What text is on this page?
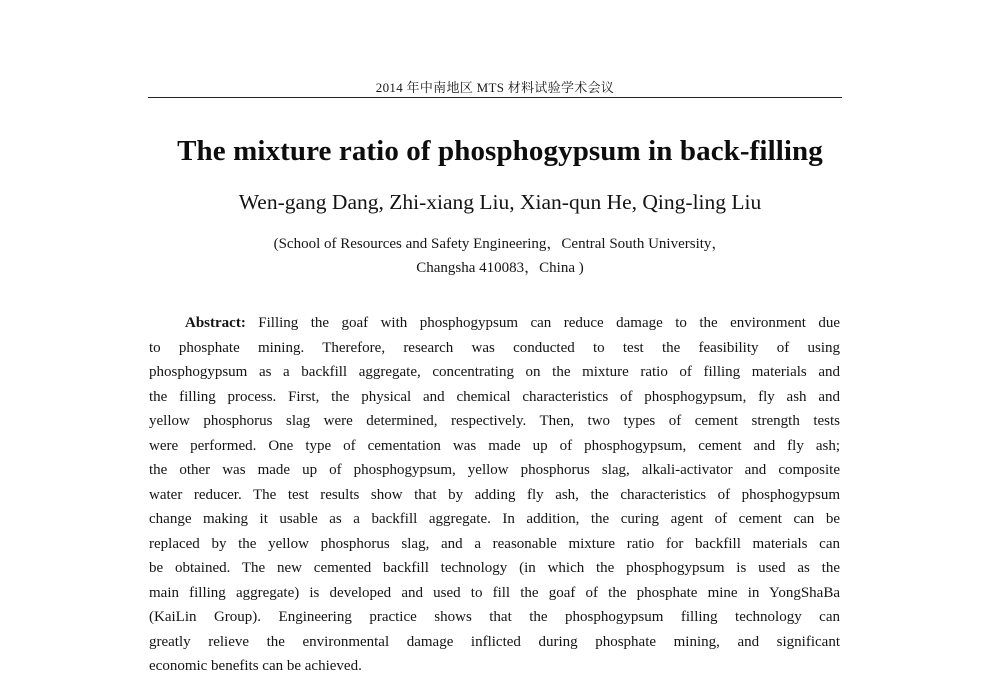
2014 年中南地区 MTS 材料试验学术会议
The mixture ratio of phosphogypsum in back-filling
Wen-gang Dang, Zhi-xiang Liu, Xian-qun He, Qing-ling Liu
(School of Resources and Safety Engineering，Central South University，
Changsha 410083，China )
Abstract: Filling the goaf with phosphogypsum can reduce damage to the environment due
to phosphate mining. Therefore, research was conducted to test the feasibility of using
phosphogypsum as a backfill aggregate, concentrating on the mixture ratio of filling materials and
the filling process. First, the physical and chemical characteristics of phosphogypsum, fly ash and
yellow phosphorus slag were determined, respectively. Then, two types of cement strength tests
were performed. One type of cementation was made up of phosphogypsum, cement and fly ash;
the other was made up of phosphogypsum, yellow phosphorus slag, alkali-activator and composite
water reducer. The test results show that by adding fly ash, the characteristics of phosphogypsum
change making it usable as a backfill aggregate. In addition, the curing agent of cement can be
replaced by the yellow phosphorus slag, and a reasonable mixture ratio for backfill materials can
be obtained. The new cemented backfill technology (in which the phosphogypsum is used as the
main filling aggregate) is developed and used to fill the goaf of the phosphate mine in YongShaBa
(KaiLin Group). Engineering practice shows that the phosphogypsum filling technology can
greatly relieve the environmental damage inflicted during phosphate mining, and significant
economic benefits can be achieved.
